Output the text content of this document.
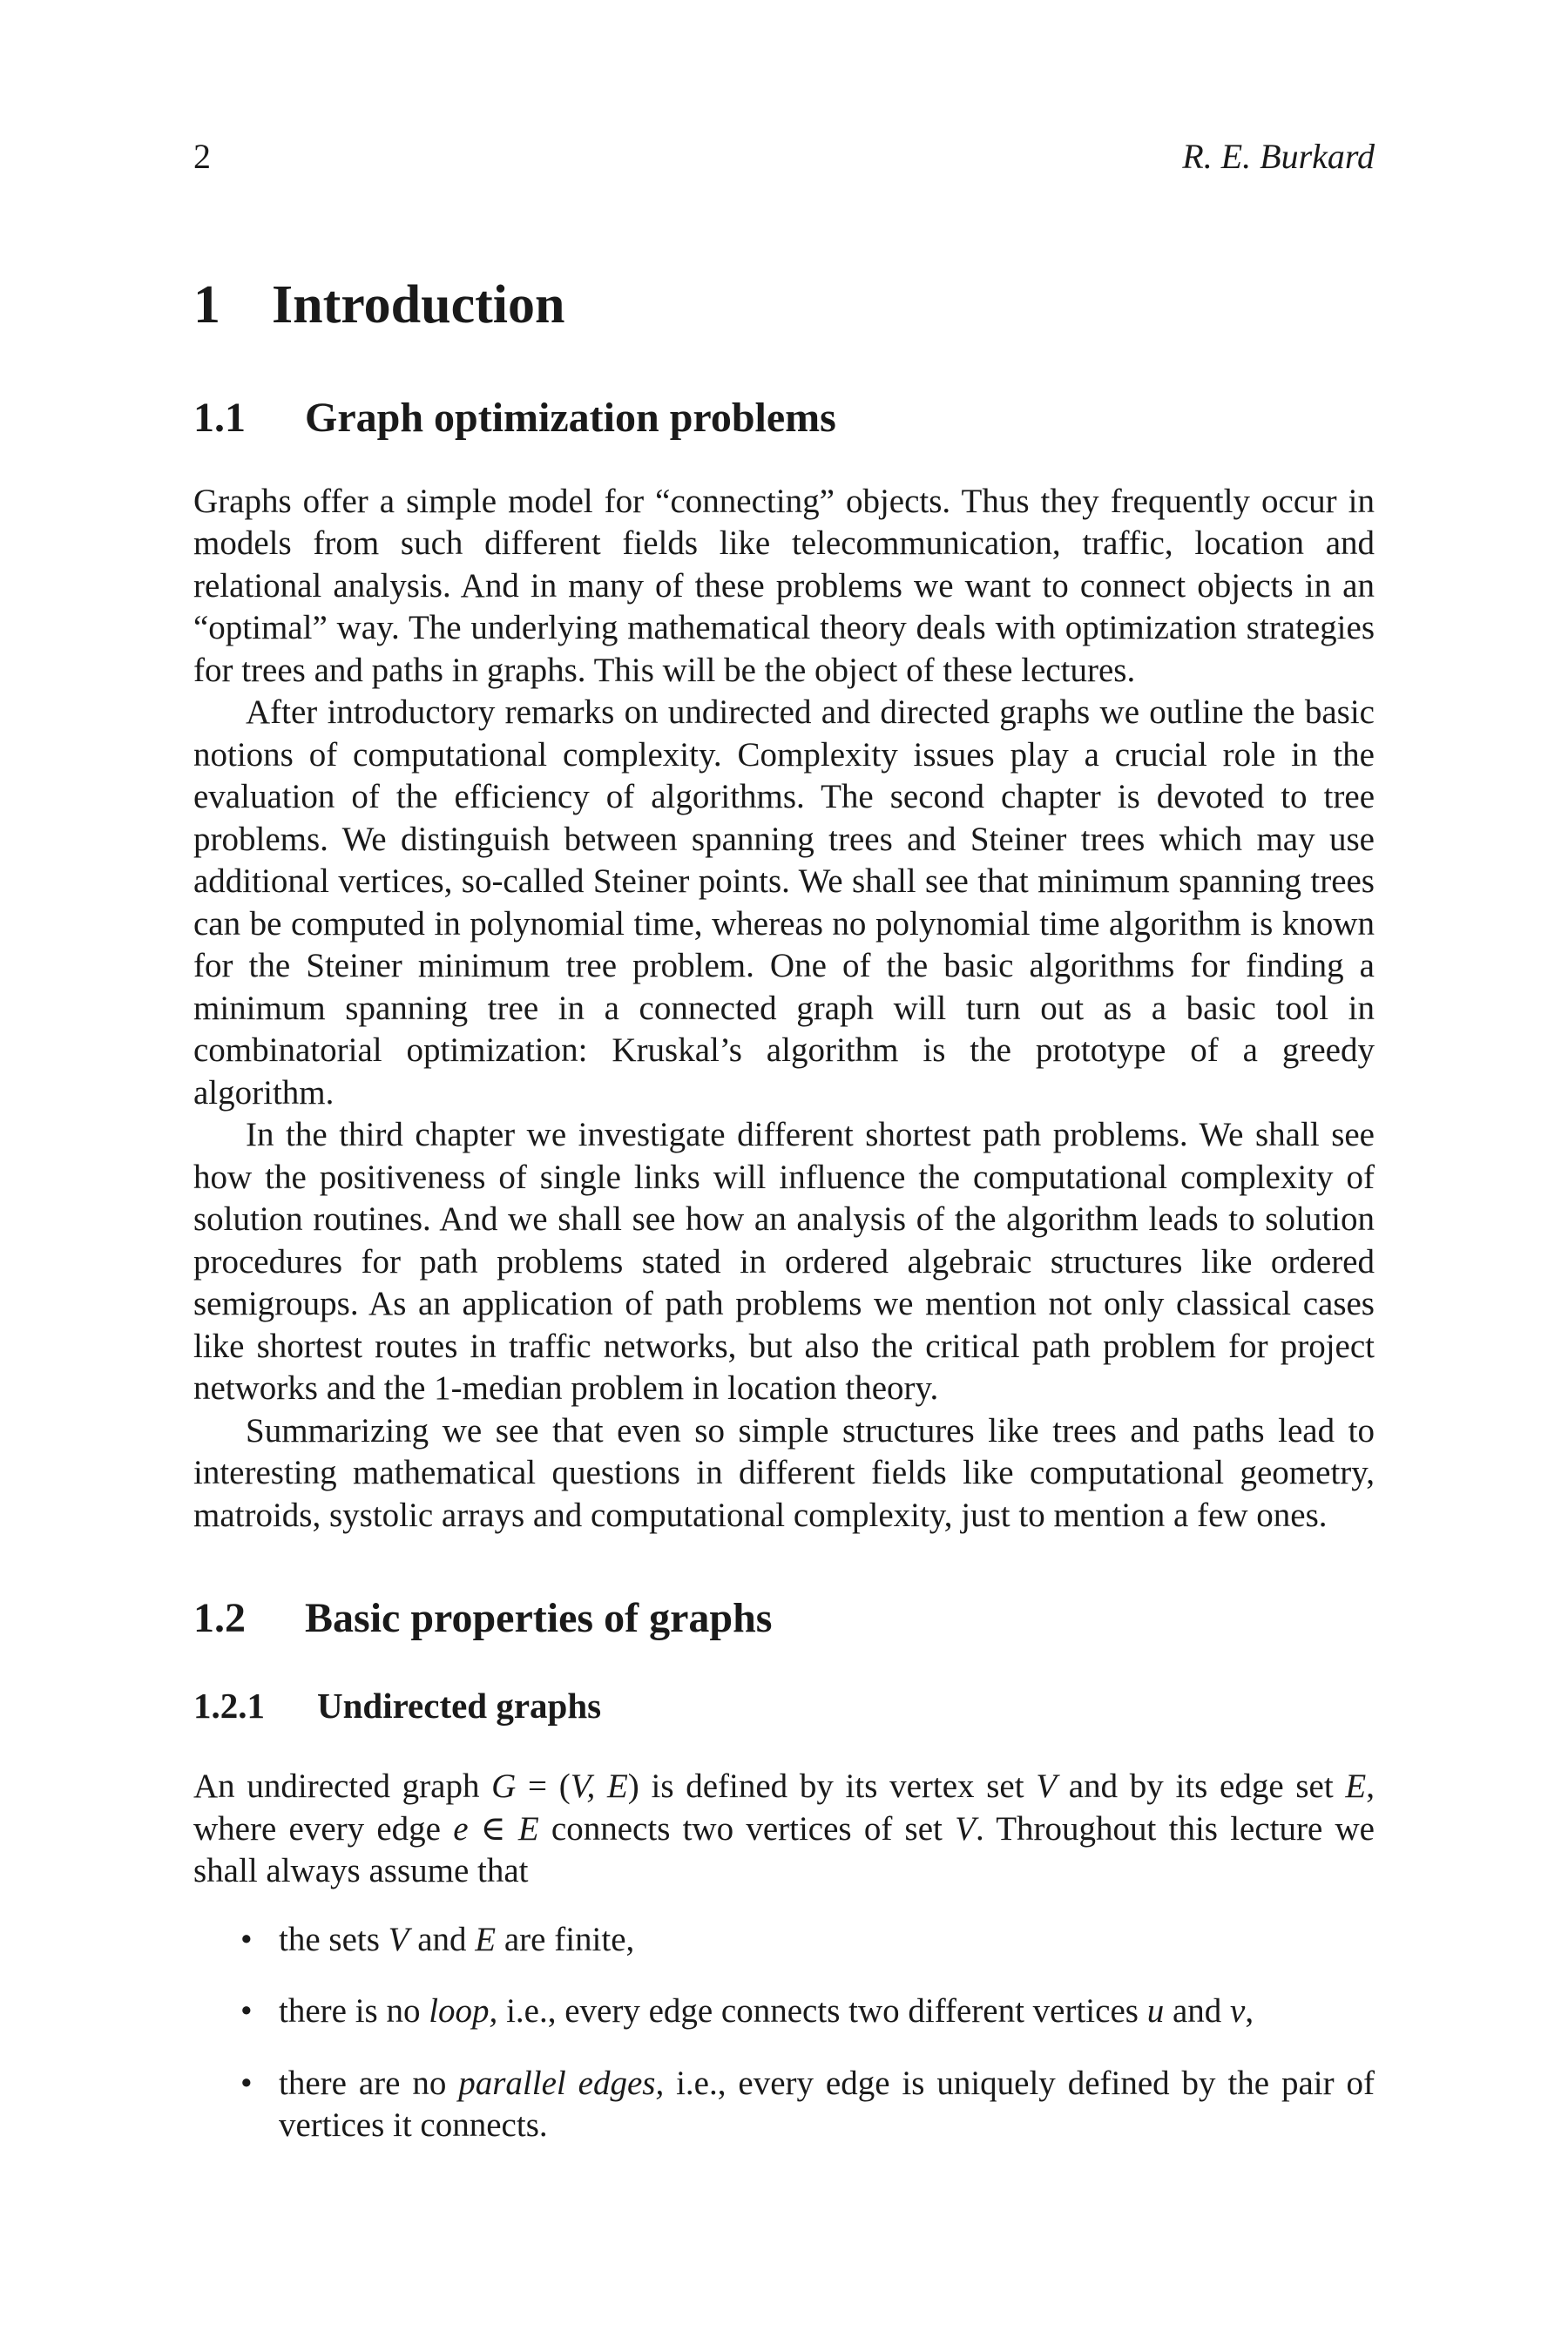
2	R. E. Burkard
1 Introduction
1.1	Graph optimization problems

Graphs offer a simple model for “connecting” objects. Thus they frequently occur in models from such different fields like telecommunication, traffic, location and relational analysis. And in many of these problems we want to connect objects in an “optimal” way. The underlying mathematical theory deals with optimization strategies for trees and paths in graphs. This will be the object of these lectures.

After introductory remarks on undirected and directed graphs we outline the basic notions of computational complexity. Complexity issues play a crucial role in the evaluation of the efficiency of algorithms. The second chapter is devoted to tree problems. We distinguish between spanning trees and Steiner trees which may use additional vertices, so-called Steiner points. We shall see that minimum spanning trees can be computed in polynomial time, whereas no polynomial time algorithm is known for the Steiner minimum tree problem. One of the basic algorithms for finding a minimum spanning tree in a connected graph will turn out as a basic tool in combinatorial optimization: Kruskal’s algorithm is the prototype of a greedy algorithm.

In the third chapter we investigate different shortest path problems. We shall see how the positiveness of single links will influence the computational complexity of solution routines. And we shall see how an analysis of the algorithm leads to solution procedures for path problems stated in ordered algebraic structures like ordered semigroups. As an application of path problems we mention not only classical cases like shortest routes in traffic networks, but also the critical path problem for project networks and the 1-median problem in location theory.

Summarizing we see that even so simple structures like trees and paths lead to interesting mathematical questions in different fields like computational geometry, matroids, systolic arrays and computational complexity, just to mention a few ones.

1.2	Basic properties of graphs
1.2.1	Undirected graphs

An undirected graph G = (V, E) is defined by its vertex set V and by its edge set E, where every edge e ∈ E connects two vertices of set V. Throughout this lecture we shall always assume that

• the sets V and E are finite,
• there is no loop, i.e., every edge connects two different vertices u and v,
• there are no parallel edges, i.e., every edge is uniquely defined by the pair of vertices it connects.
